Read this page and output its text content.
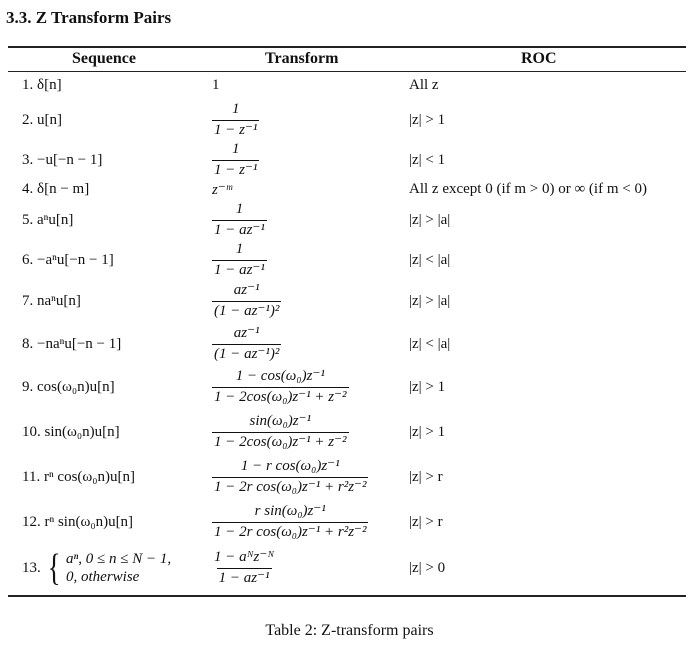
3.3. Z Transform Pairs
Sequence	Transform	ROC
1. δ[n]	1	All z
2. u[n]	$\frac{1}{\text{1 − z⁻¹}}$	|z| > 1
3. −u[−n − 1]	$\frac{1}{\text{1 − z⁻¹}}$	|z| < 1
4. δ[n − m]	z⁻ᵐ	All z except 0 (if m > 0) or ∞ (if m < 0)
5. aⁿu[n]	$\frac{1}{\text{1 − az⁻¹}}$	|z| > |a|
6. −aⁿu[−n − 1]	$\frac{1}{\text{1 − az⁻¹}}$	|z| < |a|
7. naⁿu[n]	$\frac{\text{az⁻¹}}{\text{(1 − az⁻¹)²}}$	|z| > |a|
8. −naⁿu[−n − 1]	$\frac{\text{az⁻¹}}{\text{(1 − az⁻¹)²}}$	|z| < |a|
9. cos(ω₀n)u[n]	$\frac{\text{1 − cos(ω₀)z⁻¹}}{\text{1 − 2cos(ω₀)z⁻¹ + z⁻²}}$	|z| > 1
10. sin(ω₀n)u[n]	$\frac{\text{sin(ω₀)z⁻¹}}{\text{1 − 2cos(ω₀)z⁻¹ + z⁻²}}$	|z| > 1
11. rⁿ cos(ω₀n)u[n]	$\frac{\text{1 − r cos(ω₀)z⁻¹}}{\text{1 − 2r cos(ω₀)z⁻¹ + r²z⁻²}}$	|z| > r
12. rⁿ sin(ω₀n)u[n]	$\frac{\text{r sin(ω₀)z⁻¹}}{\text{1 − 2r cos(ω₀)z⁻¹ + r²z⁻²}}$	|z| > r
13. { aⁿ, 0 ≤ n ≤ N − 1,
0, otherwise	$\frac{\text{1 − aᴺz⁻ᴺ}}{\text{1 − az⁻¹}}$	|z| > 0
Table 2: Z-transform pairs
